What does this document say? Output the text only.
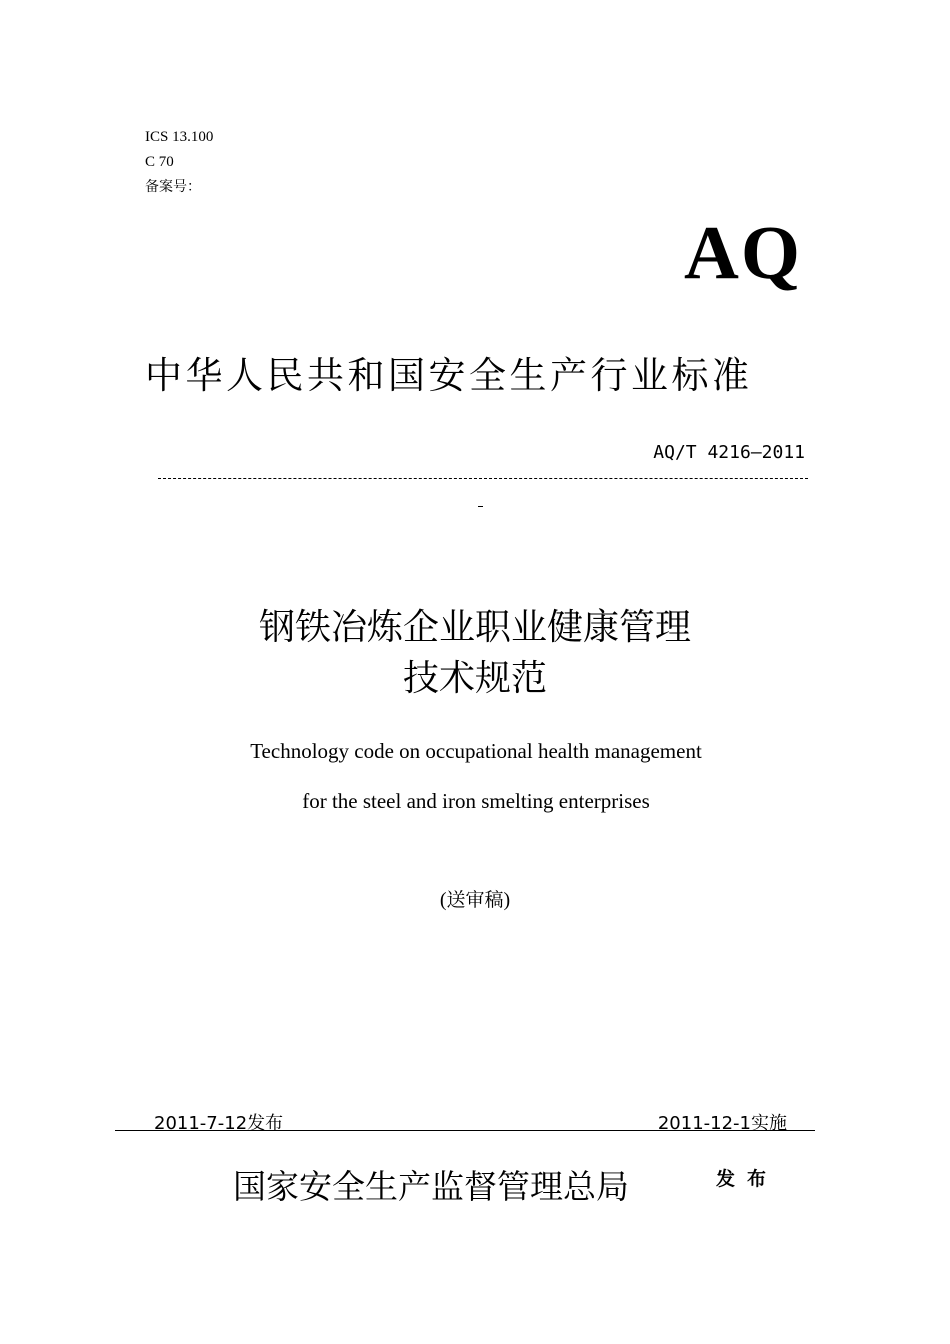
ICS 13.100
C 70
备案号：
AQ
中华人民共和国安全生产行业标准
AQ/T 4216—2011
钢铁冶炼企业职业健康管理
技术规范
Technology code on occupational health management
for the steel and iron smelting enterprises
(送审稿)
2011-7-12发布	2011-12-1实施
国家安全生产监督管理总局	发布
